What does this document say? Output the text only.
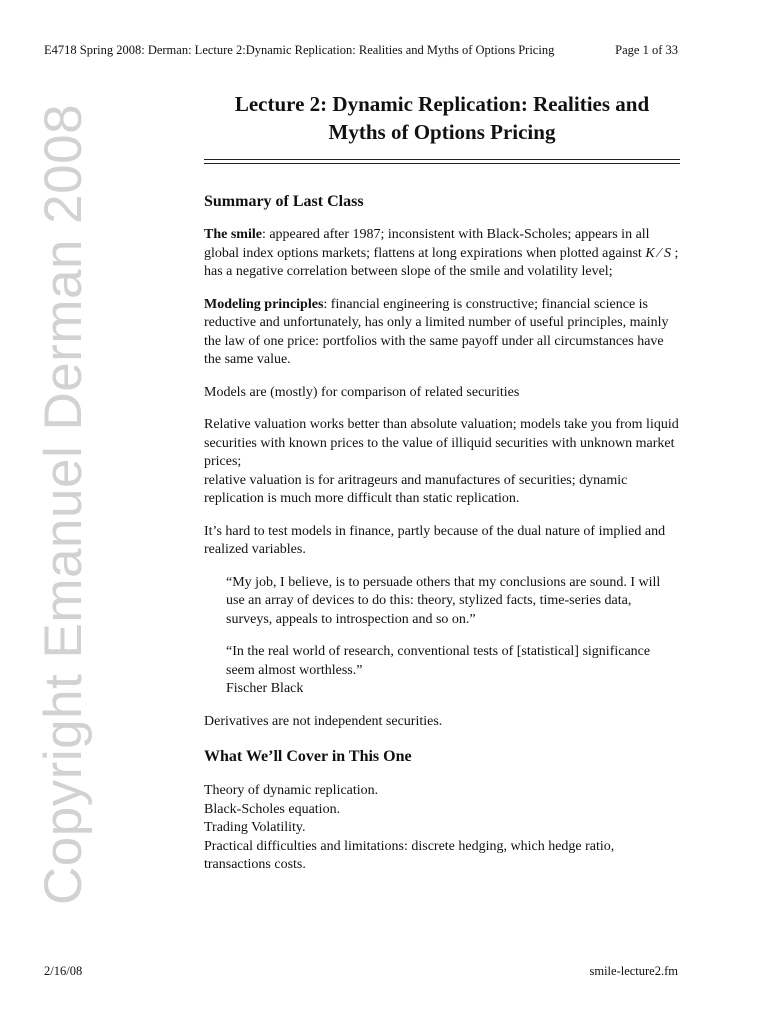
E4718 Spring 2008: Derman: Lecture 2:Dynamic Replication: Realities and Myths of Options Pricing	Page 1 of 33
Copyright Emanuel Derman 2008	Lecture 2: Dynamic Replication: Realities and
Myths of Options Pricing
Summary of Last Class

The smile: appeared after 1987; inconsistent with Black-Scholes; appears in all global index options markets; flattens at long expirations when plotted against K ⁄ S ; has a negative correlation between slope of the smile and volatility level;

Modeling principles: financial engineering is constructive; financial science is reductive and unfortunately, has only a limited number of useful principles, mainly the law of one price: portfolios with the same payoff under all circumstances have the same value.

Models are (mostly) for comparison of related securities

Relative valuation works better than absolute valuation; models take you from liquid securities with known prices to the value of illiquid securities with unknown market prices;

relative valuation is for aritrageurs and manufactures of securities; dynamic replication is much more difficult than static replication.

It’s hard to test models in finance, partly because of the dual nature of implied and realized variables.

“My job, I believe, is to persuade others that my conclusions are sound. I will use an array of devices to do this: theory, stylized facts, time-series data, surveys, appeals to introspection and so on.”

“In the real world of research, conventional tests of [statistical] significance seem almost worthless.”

Fischer Black

Derivatives are not independent securities.

What We’ll Cover in This One

Theory of dynamic replication.

Black-Scholes equation.

Trading Volatility.

Practical difficulties and limitations: discrete hedging, which hedge ratio, transactions costs.

2/16/08	smile-lecture2.fm
